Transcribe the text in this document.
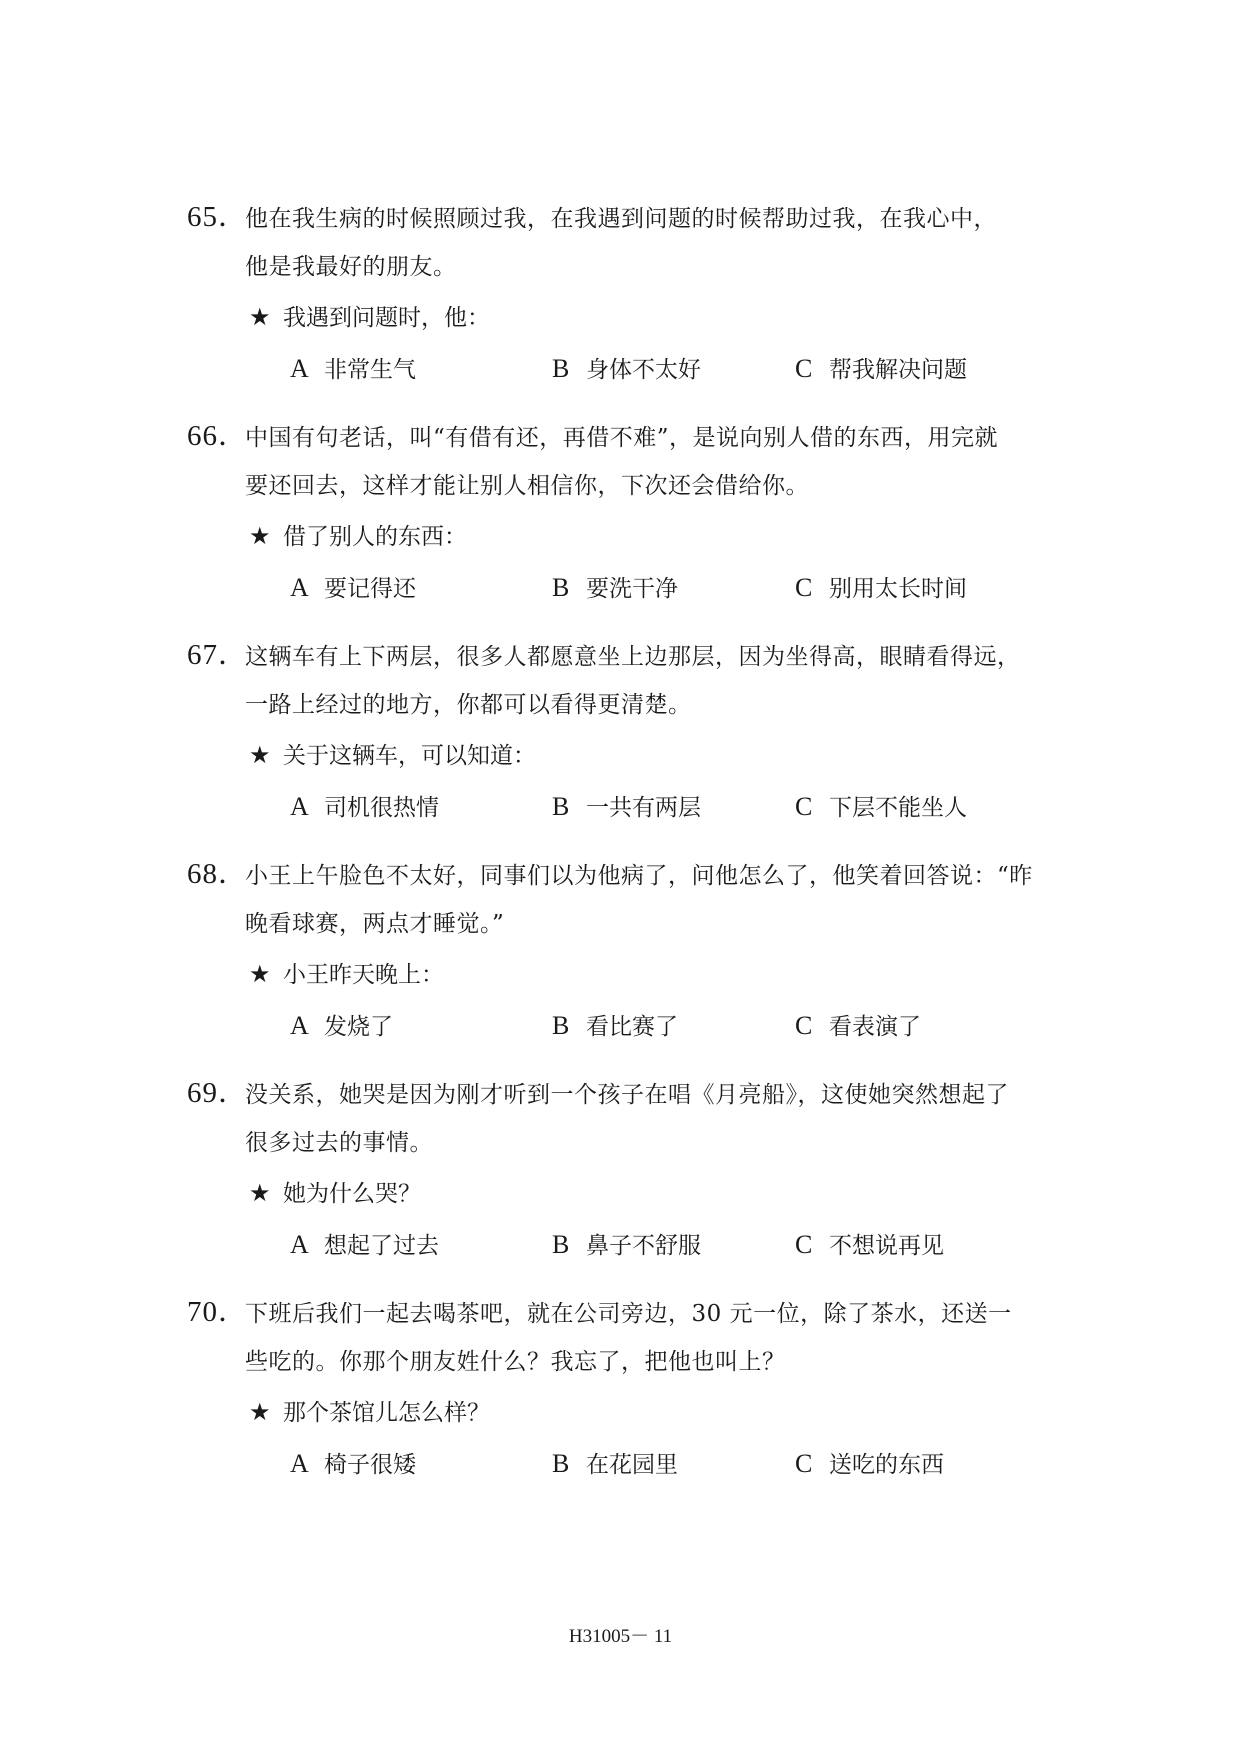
65．
他在我生病的时候照顾过我，在我遇到问题的时候帮助过我，在我心中，
他是我最好的朋友。
★ 我遇到问题时，他：
A 非常生气	B 身体不太好	C 帮我解决问题
66．
中国有句老话，叫“有借有还，再借不难”，是说向别人借的东西，用完就
要还回去，这样才能让别人相信你，下次还会借给你。
★ 借了别人的东西：
A 要记得还	B 要洗干净	C 别用太长时间
67．
这辆车有上下两层，很多人都愿意坐上边那层，因为坐得高，眼睛看得远，
一路上经过的地方，你都可以看得更清楚。
★ 关于这辆车，可以知道：
A 司机很热情	B 一共有两层	C 下层不能坐人
68．
小王上午脸色不太好，同事们以为他病了，问他怎么了，他笑着回答说：“昨
晚看球赛，两点才睡觉。”
★ 小王昨天晚上：
A 发烧了	B 看比赛了	C 看表演了
69．
没关系，她哭是因为刚才听到一个孩子在唱《月亮船》，这使她突然想起了
很多过去的事情。
★ 她为什么哭？
A 想起了过去	B 鼻子不舒服	C 不想说再见
70．
下班后我们一起去喝茶吧，就在公司旁边，30 元一位，除了茶水，还送一
些吃的。你那个朋友姓什么？我忘了，把他也叫上？
★ 那个茶馆儿怎么样？
A 椅子很矮	B 在花园里	C 送吃的东西
H31005－ 11
